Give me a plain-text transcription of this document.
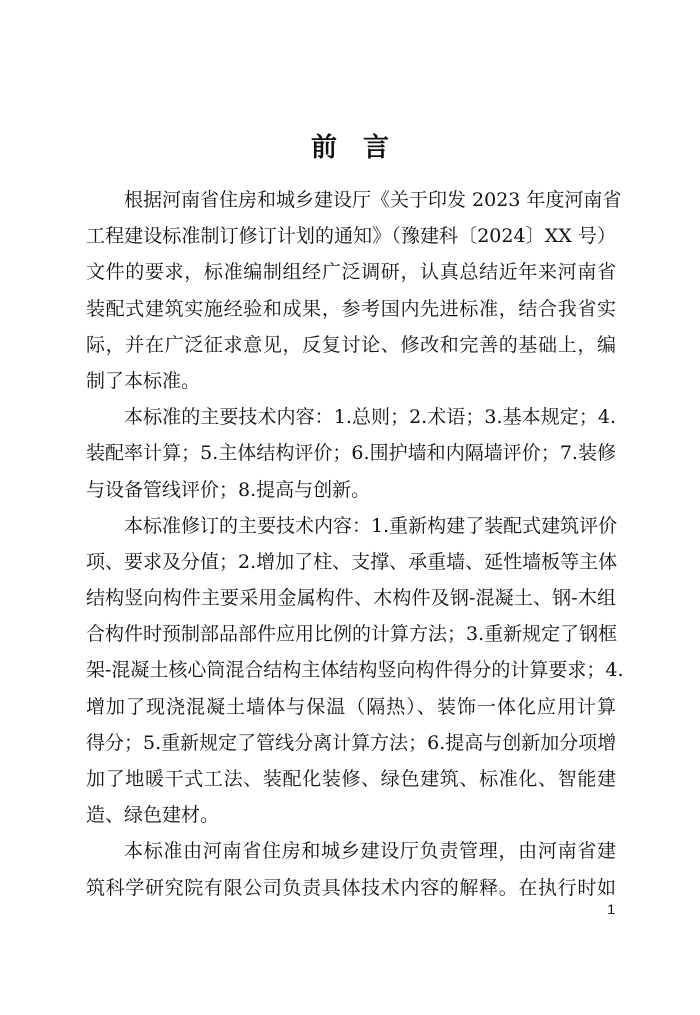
前 言

根据河南省住房和城乡建设厅《关于印发 2023 年度河南省
工程建设标准制订修订计划的通知》（豫建科〔2024〕XX 号）
文件的要求，标准编制组经广泛调研，认真总结近年来河南省
装配式建筑实施经验和成果，参考国内先进标准，结合我省实
际，并在广泛征求意见，反复讨论、修改和完善的基础上，编
制了本标准。

本标准的主要技术内容：1.总则；2.术语；3.基本规定；4.
装配率计算；5.主体结构评价；6.围护墙和内隔墙评价；7.装修
与设备管线评价；8.提高与创新。

本标准修订的主要技术内容：1.重新构建了装配式建筑评价
项、要求及分值；2.增加了柱、支撑、承重墙、延性墙板等主体
结构竖向构件主要采用金属构件、木构件及钢-混凝土、钢-木组
合构件时预制部品部件应用比例的计算方法；3.重新规定了钢框
架-混凝土核心筒混合结构主体结构竖向构件得分的计算要求；4.
增加了现浇混凝土墙体与保温（隔热）、装饰一体化应用计算
得分；5.重新规定了管线分离计算方法；6.提高与创新加分项增
加了地暖干式工法、装配化装修、绿色建筑、标准化、智能建
造、绿色建材。

本标准由河南省住房和城乡建设厅负责管理，由河南省建
筑科学研究院有限公司负责具体技术内容的解释。在执行时如

1
